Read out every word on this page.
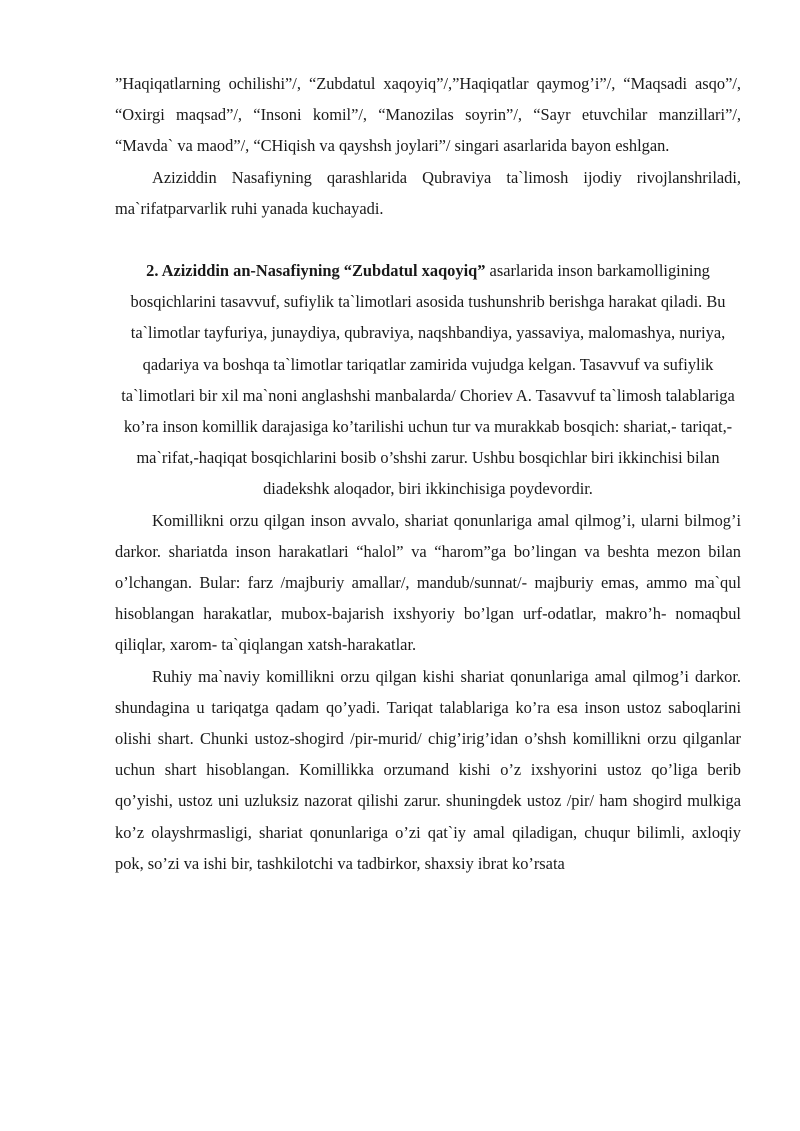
”Haqiqatlarning ochilishi”/, “Zubdatul xaqoyiq”/,”Haqiqatlar qaymog’i”/, “Maqsadi asqo”/, “Oxirgi maqsad”/, “Insoni komil”/, “Manozilas soyrin”/, “Sayr etuvchilar manzillari”/, “Mavda` va maod”/, “CHiqish va qayshsh joylari”/ singari asarlarida bayon eshlgan.

Aziziddin Nasafiyning qarashlarida Qubraviya ta`limosh ijodiy rivojlanshriladi, ma`rifatparvarlik ruhi yanada kuchayadi.

2. Aziziddin an-Nasafiyning “Zubdatul xaqoyiq” asarlarida inson barkamolligining bosqichlarini tasavvuf, sufiylik ta`limotlari asosida tushunshrib berishga harakat qiladi. Bu ta`limotlar tayfuriya, junaydiya, qubraviya, naqshbandiya, yassaviya, malomashya, nuriya, qadariya va boshqa ta`limotlar tariqatlar zamirida vujudga kelgan. Tasavvuf va sufiylik ta`limotlari bir xil ma`noni anglashshi manbalarda/ Choriev A. Tasavvuf ta`limosh talablariga ko’ra inson komillik darajasiga ko’tarilishi uchun tur va murakkab bosqich: shariat,- tariqat,-ma`rifat,-haqiqat bosqichlarini bosib o’shshi zarur. Ushbu bosqichlar biri ikkinchisi bilan diadekshk aloqador, biri ikkinchisiga poydevordir.

Komillikni orzu qilgan inson avvalo, shariat qonunlariga amal qilmog’i, ularni bilmog’i darkor. shariatda inson harakatlari “halol” va “harom”ga bo’lingan va beshta mezon bilan o’lchangan. Bular: farz /majburiy amallar/, mandub/sunnat/- majburiy emas, ammo ma`qul hisoblangan harakatlar, mubox-bajarish ixshyoriy bo’lgan urf-odatlar, makro’h- nomaqbul qiliqlar, xarom- ta`qiqlangan xatsh-harakatlar.

Ruhiy ma`naviy komillikni orzu qilgan kishi shariat qonunlariga amal qilmog’i darkor. shundagina u tariqatga qadam qo’yadi. Tariqat talablariga ko’ra esa inson ustoz saboqlarini olishi shart. Chunki ustoz-shogird /pir-murid/ chig’irig’idan o’shsh komillikni orzu qilganlar uchun shart hisoblangan. Komillikka orzumand kishi o’z ixshyorini ustoz qo’liga berib qo’yishi, ustoz uni uzluksiz nazorat qilishi zarur. shuningdek ustoz /pir/ ham shogird mulkiga ko’z olayshrmasligi, shariat qonunlariga o’zi qat`iy amal qiladigan, chuqur bilimli, axloqiy pok, so’zi va ishi bir, tashkilotchi va tadbirkor, shaxsiy ibrat ko’rsata
